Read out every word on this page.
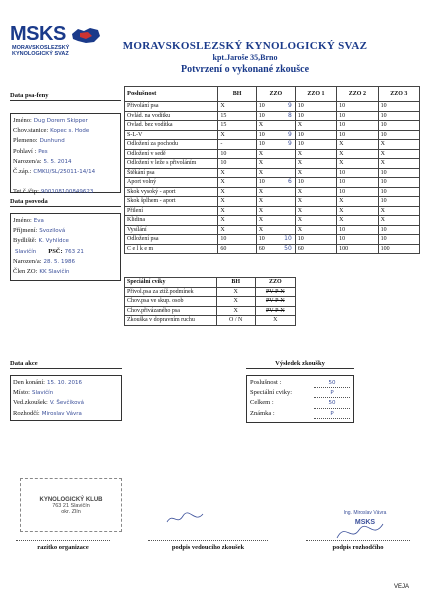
MSKS
MORAVSKOSLEZSKÝ
KYNOLOGICKÝ SVAZ
MORAVSKOSLEZSKÝ KYNOLOGICKÝ SVAZ
kpt.Jaroše 35,Brno
Potvrzení o vykonané zkoušce
Data psa-feny
Jméno: Dug Dorem Skipper
Chov.stanice: Kopec s. Hode
Plemeno: Dunhund
Pohlaví : Pes
Narozen/a: 5. 5. 2014
Č.záp.: CMKU/SL/25011-14/14
Tet.č./čip: 900108100849623
Data psovoda
Jméno: Eva
Příjmení: Svozilová
Bydliště: K. Vyhlídce
Slavičín PSČ: 763 21
Narozen/a: 28. 5. 1986
Člen ZO: KK Slavičín
Poslušnost	BH	ZZO	ZZO 1	ZZO 2	ZZO 3
Přivolání psa	X	10 9	10	10	10
Ovlád. na vodítku	15	10 8	10	10	10
Ovlad. bez vodítka	15	X	X	10	10
S-L-V	X	10 9	10	10	10
Odložení za pochodu	-	10 9	10	X	X
Odložení v sedě	10	X	X	X	X
Odložení v leže s přivoláním	10	X	X	X	X
Štěkání psa	X	X	X	10	10
Aport volný	X	10 6	10	10	10
Skok vysoký - aport	X	X	X	10	10
Skok šplhem - aport	X	X	X	X	10
Přilení	X	X	X	X	X
Klidina	X	X	X	X	X
Vysílání	X	X	X	10	10
Odložení psa	10	10 10	10	10	10
C e l k e m	60	60 50	60	100	100
Speciální cviky	BH	ZZO
Přivol.psa za ztíž.podmínek	X	PV-P-N
Chov.psa ve skup. osob	X	PV-P-N
Chov.přivázaného psa	X	PV-P-N
Zkouška v dopravním ruchu	O / N	X
Data akce
Den konání: 15. 10. 2016
Místo: Slavičín
Ved.zkoušek: V. Ševčíková
Rozhodčí: Miroslav Vávra
Výsledek zkoušky
Poslušnost :	50
Speciální cviky:	P
Celkem :	50
Známka :	P
KYNOLOGICKÝ KLUB
763 21 Slavičín
okr. Zlín	Ing. Miroslav Vávra
MSKS
razítko organizace	podpis vedoucího zkoušek	podpis rozhodčího
VEJA
